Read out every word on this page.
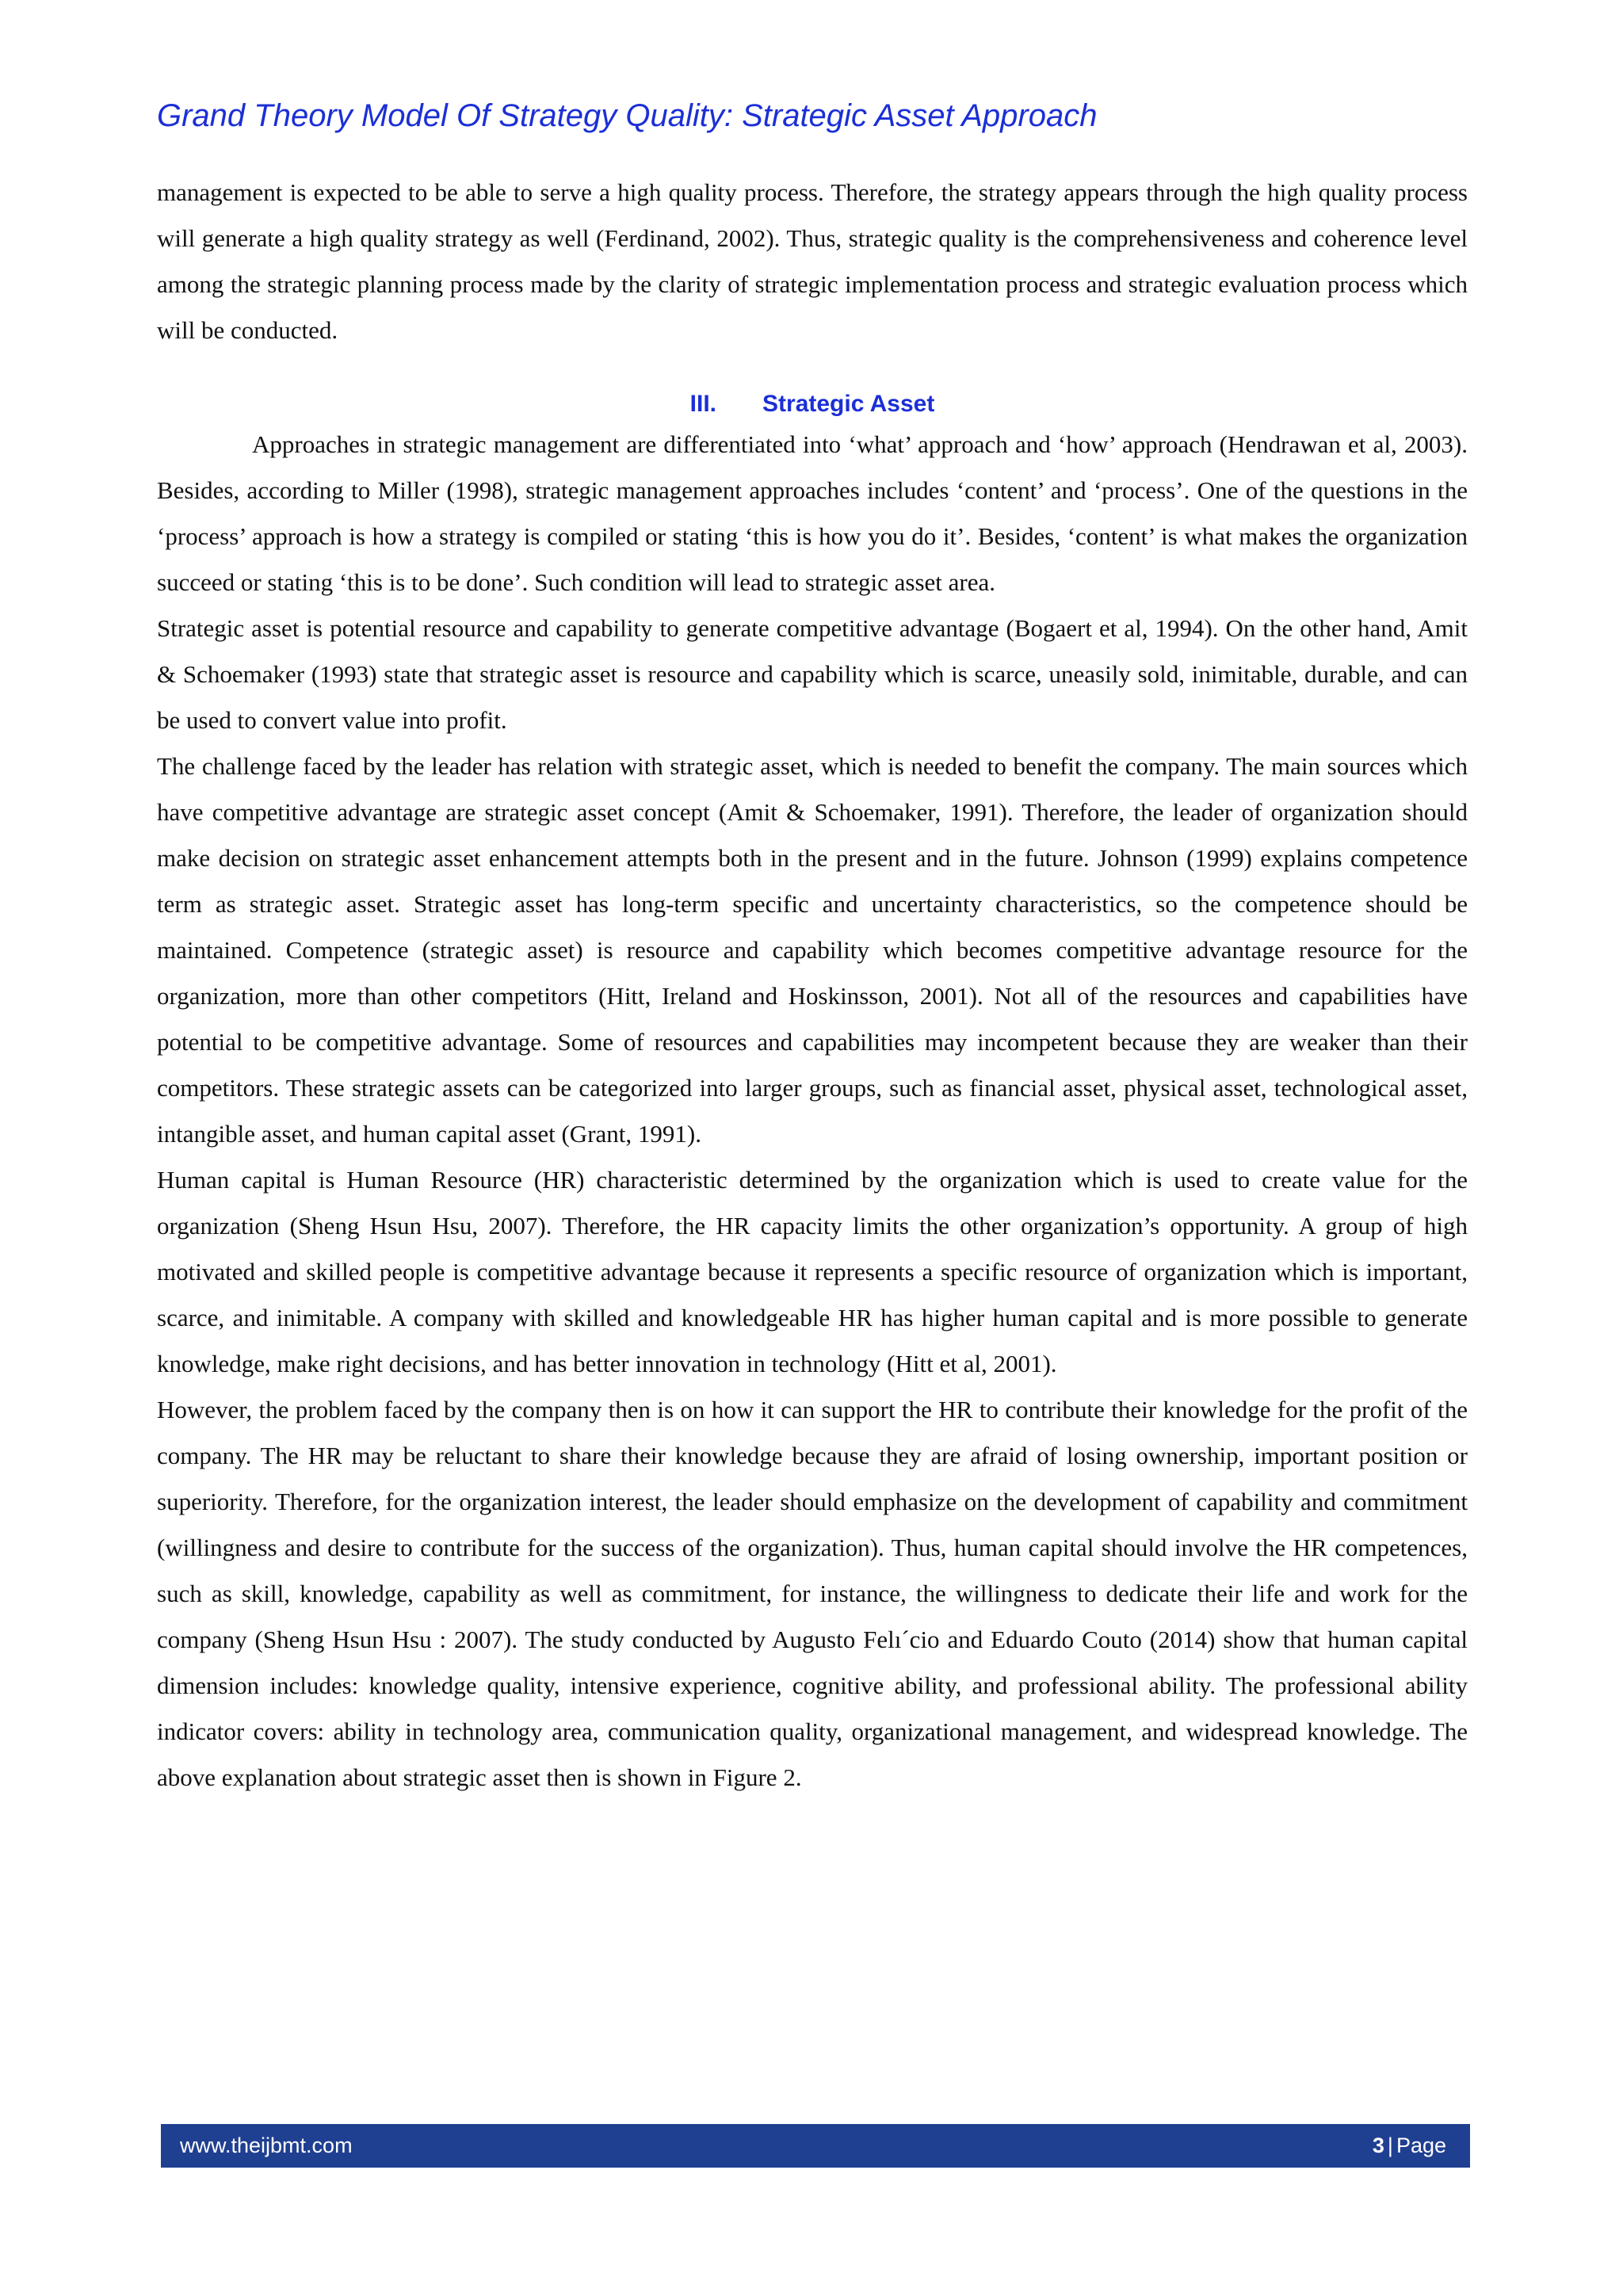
Grand Theory Model Of Strategy Quality: Strategic Asset Approach

management is expected to be able to serve a high quality process. Therefore, the strategy appears through the high quality process will generate a high quality strategy as well (Ferdinand, 2002). Thus, strategic quality is the comprehensiveness and coherence level among the strategic planning process made by the clarity of strategic implementation process and strategic evaluation process which will be conducted.

III. Strategic Asset

Approaches in strategic management are differentiated into ‘what’ approach and ‘how’ approach (Hendrawan et al, 2003). Besides, according to Miller (1998), strategic management approaches includes ‘content’ and ‘process’. One of the questions in the ‘process’ approach is how a strategy is compiled or stating ‘this is how you do it’. Besides, ‘content’ is what makes the organization succeed or stating ‘this is to be done’. Such condition will lead to strategic asset area.

Strategic asset is potential resource and capability to generate competitive advantage (Bogaert et al, 1994). On the other hand, Amit & Schoemaker (1993) state that strategic asset is resource and capability which is scarce, uneasily sold, inimitable, durable, and can be used to convert value into profit.

The challenge faced by the leader has relation with strategic asset, which is needed to benefit the company. The main sources which have competitive advantage are strategic asset concept (Amit & Schoemaker, 1991). Therefore, the leader of organization should make decision on strategic asset enhancement attempts both in the present and in the future. Johnson (1999) explains competence term as strategic asset. Strategic asset has long-term specific and uncertainty characteristics, so the competence should be maintained. Competence (strategic asset) is resource and capability which becomes competitive advantage resource for the organization, more than other competitors (Hitt, Ireland and Hoskinsson, 2001). Not all of the resources and capabilities have potential to be competitive advantage. Some of resources and capabilities may incompetent because they are weaker than their competitors. These strategic assets can be categorized into larger groups, such as financial asset, physical asset, technological asset, intangible asset, and human capital asset (Grant, 1991).

Human capital is Human Resource (HR) characteristic determined by the organization which is used to create value for the organization (Sheng Hsun Hsu, 2007). Therefore, the HR capacity limits the other organization’s opportunity. A group of high motivated and skilled people is competitive advantage because it represents a specific resource of organization which is important, scarce, and inimitable. A company with skilled and knowledgeable HR has higher human capital and is more possible to generate knowledge, make right decisions, and has better innovation in technology (Hitt et al, 2001).

However, the problem faced by the company then is on how it can support the HR to contribute their knowledge for the profit of the company. The HR may be reluctant to share their knowledge because they are afraid of losing ownership, important position or superiority. Therefore, for the organization interest, the leader should emphasize on the development of capability and commitment (willingness and desire to contribute for the success of the organization). Thus, human capital should involve the HR competences, such as skill, knowledge, capability as well as commitment, for instance, the willingness to dedicate their life and work for the company (Sheng Hsun Hsu : 2007). The study conducted by Augusto Felı´cio and Eduardo Couto (2014) show that human capital dimension includes: knowledge quality, intensive experience, cognitive ability, and professional ability. The professional ability indicator covers: ability in technology area, communication quality, organizational management, and widespread knowledge. The above explanation about strategic asset then is shown in Figure 2.

www.theijbmt.com	3 | Page
